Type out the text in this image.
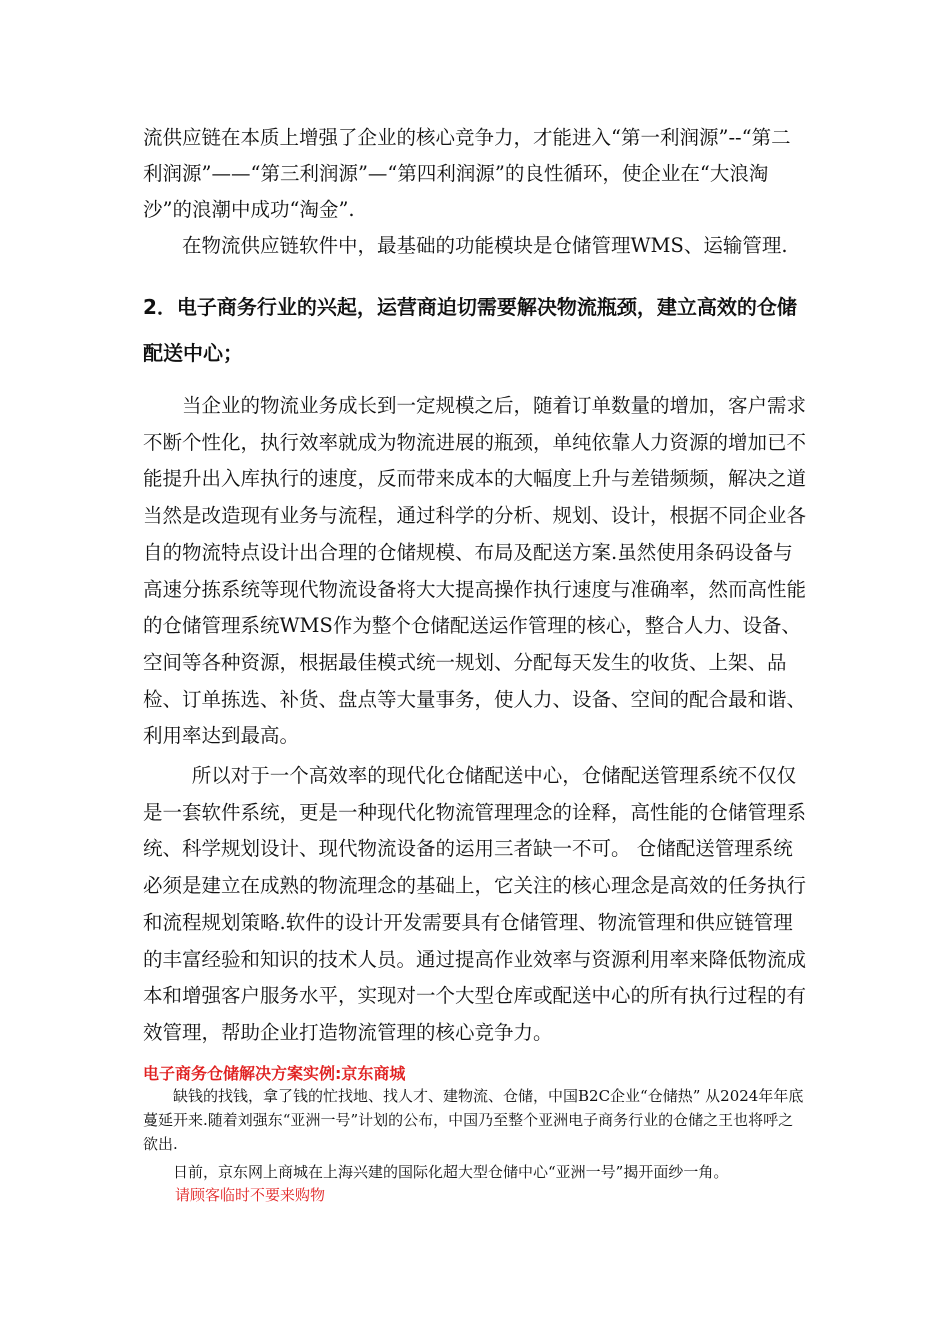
流供应链在本质上增强了企业的核心竞争力，才能进入“第一利润源”--“第二利润源”——“第三利润源”—“第四利润源”的良性循环，使企业在“大浪淘沙”的浪潮中成功“淘金”.

在物流供应链软件中，最基础的功能模块是仓储管理WMS、运输管理.
2．电子商务行业的兴起，运营商迫切需要解决物流瓶颈，建立高效的仓储配送中心；

当企业的物流业务成长到一定规模之后，随着订单数量的增加，客户需求不断个性化，执行效率就成为物流进展的瓶颈，单纯依靠人力资源的增加已不能提升出入库执行的速度，反而带来成本的大幅度上升与差错频频，解决之道当然是改造现有业务与流程，通过科学的分析、规划、设计，根据不同企业各自的物流特点设计出合理的仓储规模、布局及配送方案.虽然使用条码设备与高速分拣系统等现代物流设备将大大提高操作执行速度与准确率，然而高性能的仓储管理系统WMS作为整个仓储配送运作管理的核心，整合人力、设备、空间等各种资源，根据最佳模式统一规划、分配每天发生的收货、上架、品检、订单拣选、补货、盘点等大量事务，使人力、设备、空间的配合最和谐、利用率达到最高。

所以对于一个高效率的现代化仓储配送中心，仓储配送管理系统不仅仅是一套软件系统，更是一种现代化物流管理理念的诠释，高性能的仓储管理系统、科学规划设计、现代物流设备的运用三者缺一不可。 仓储配送管理系统必须是建立在成熟的物流理念的基础上，它关注的核心理念是高效的任务执行和流程规划策略.软件的设计开发需要具有仓储管理、物流管理和供应链管理的丰富经验和知识的技术人员。通过提高作业效率与资源利用率来降低物流成本和增强客户服务水平，实现对一个大型仓库或配送中心的所有执行过程的有效管理，帮助企业打造物流管理的核心竞争力。

电子商务仓储解决方案实例:京东商城

缺钱的找钱，拿了钱的忙找地、找人才、建物流、仓储，中国B2C企业“仓储热” 从2024年年底蔓延开来.随着刘强东“亚洲一号”计划的公布，中国乃至整个亚洲电子商务行业的仓储之王也将呼之欲出.

日前，京东网上商城在上海兴建的国际化超大型仓储中心“亚洲一号”揭开面纱一角。

请顾客临时不要来购物
